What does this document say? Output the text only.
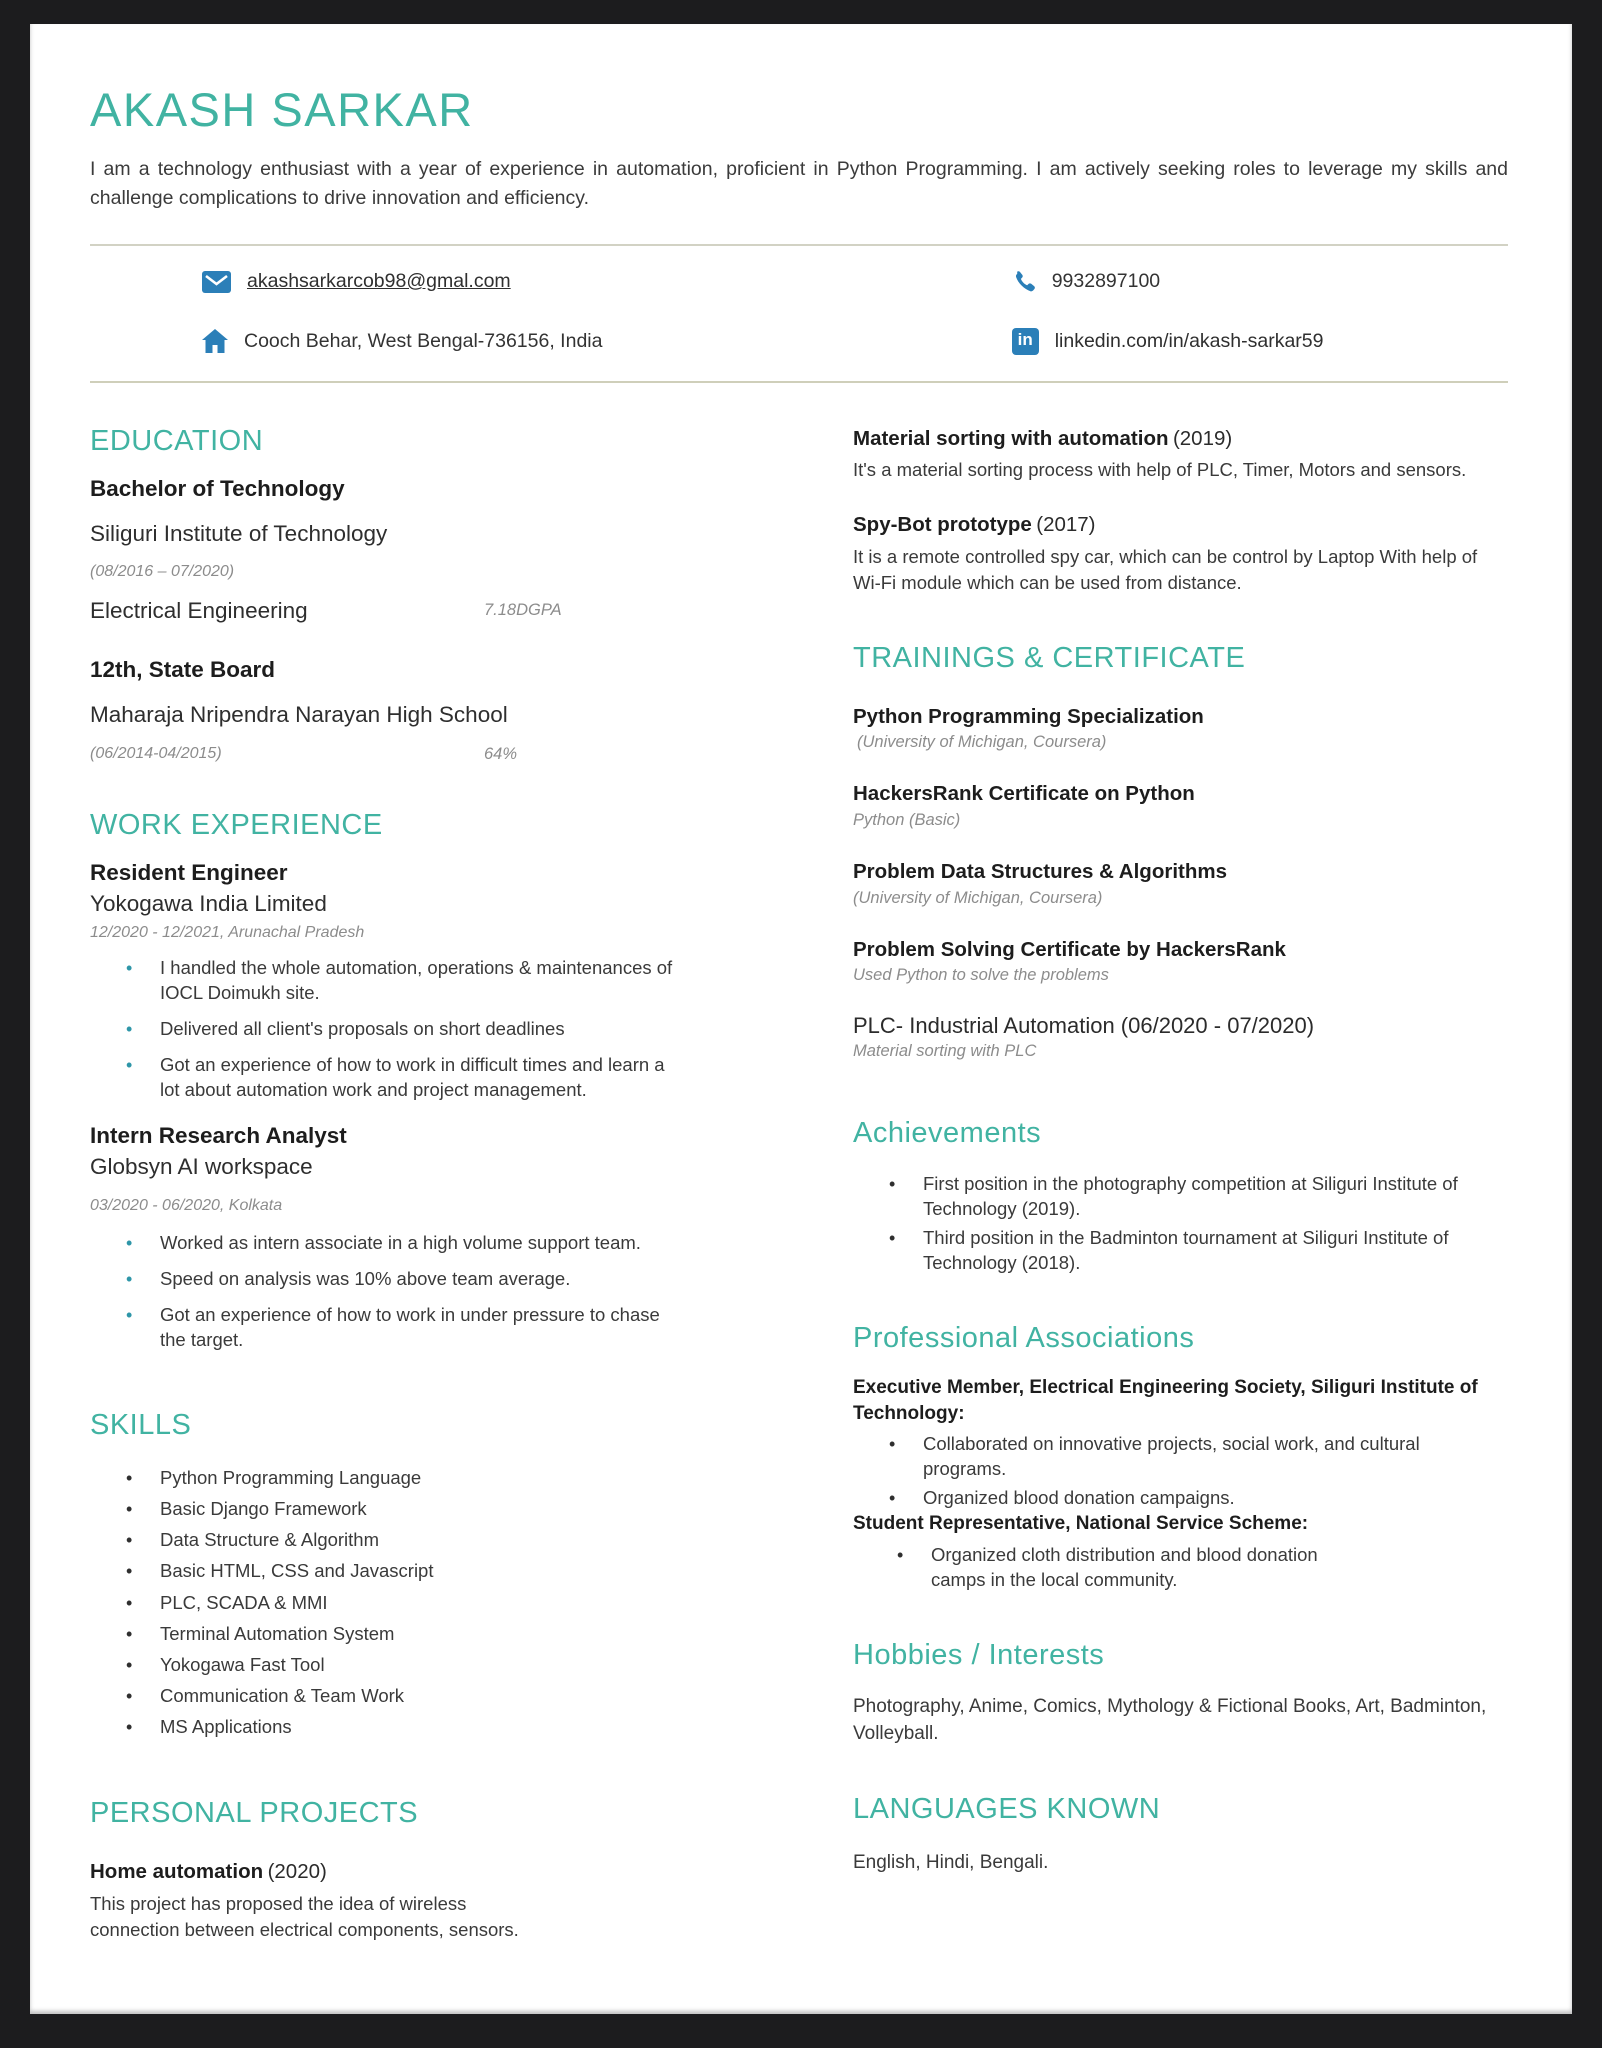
AKASH SARKAR

I am a technology enthusiast with a year of experience in automation, proficient in Python Programming. I am actively seeking roles to leverage my skills and challenge complications to drive innovation and efficiency.

akashsarkarcob98@gmal.com	9932897100
Cooch Behar, West Bengal-736156, India	in	linkedin.com/in/akash-sarkar59
EDUCATION
Bachelor of Technology
Siliguri Institute of Technology
(08/2016 – 07/2020)
Electrical Engineering	7.18DGPA
12th, State Board
Maharaja Nripendra Narayan High School
(06/2014-04/2015)	64%
WORK EXPERIENCE
Resident Engineer
Yokogawa India Limited
12/2020 - 12/2021, Arunachal Pradesh
•	I handled the whole automation, operations & maintenances of IOCL Doimukh site.
•	Delivered all client's proposals on short deadlines
•	Got an experience of how to work in difficult times and learn a lot about automation work and project management.
Intern Research Analyst
Globsyn AI workspace
03/2020 - 06/2020, Kolkata
•	Worked as intern associate in a high volume support team.
•	Speed on analysis was 10% above team average.
•	Got an experience of how to work in under pressure to chase the target.
SKILLS
•	Python Programming Language
•	Basic Django Framework
•	Data Structure & Algorithm
•	Basic HTML, CSS and Javascript
•	PLC, SCADA & MMI
•	Terminal Automation System
•	Yokogawa Fast Tool
•	Communication & Team Work
•	MS Applications
PERSONAL PROJECTS
Home automation (2020)
This project has proposed the idea of wireless connection between electrical components, sensors.
Material sorting with automation (2019)
It's a material sorting process with help of PLC, Timer, Motors and sensors.
Spy-Bot prototype (2017)
It is a remote controlled spy car, which can be control by Laptop With help of Wi-Fi module which can be used from distance.
TRAININGS & CERTIFICATE
Python Programming Specialization
(University of Michigan, Coursera)
HackersRank Certificate on Python
Python (Basic)
Problem Data Structures & Algorithms
(University of Michigan, Coursera)
Problem Solving Certificate by HackersRank
Used Python to solve the problems
PLC- Industrial Automation (06/2020 - 07/2020)
Material sorting with PLC
Achievements
•	First position in the photography competition at Siliguri Institute of Technology (2019).
•	Third position in the Badminton tournament at Siliguri Institute of Technology (2018).
Professional Associations
Executive Member, Electrical Engineering Society, Siliguri Institute of Technology:
•	Collaborated on innovative projects, social work, and cultural programs.
•	Organized blood donation campaigns.
Student Representative, National Service Scheme:
•	Organized cloth distribution and blood donation camps in the local community.
Hobbies / Interests
Photography, Anime, Comics, Mythology & Fictional Books, Art, Badminton, Volleyball.
LANGUAGES KNOWN
English, Hindi, Bengali.
